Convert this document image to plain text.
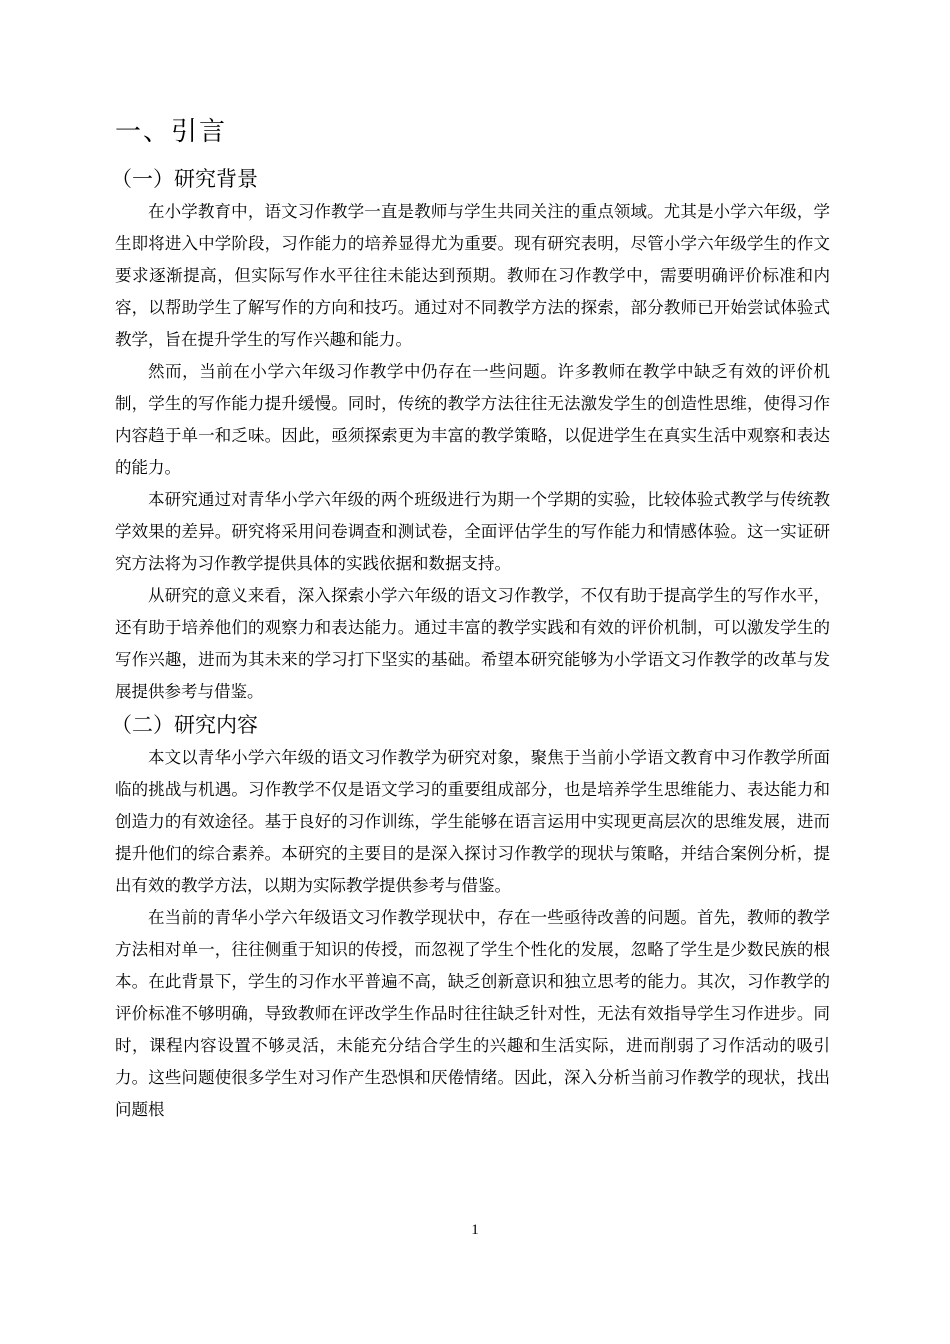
一、引言
（一）研究背景

在小学教育中，语文习作教学一直是教师与学生共同关注的重点领域。尤其是小学六年级，学生即将进入中学阶段，习作能力的培养显得尤为重要。现有研究表明，尽管小学六年级学生的作文要求逐渐提高，但实际写作水平往往未能达到预期。教师在习作教学中，需要明确评价标准和内容，以帮助学生了解写作的方向和技巧。通过对不同教学方法的探索，部分教师已开始尝试体验式教学，旨在提升学生的写作兴趣和能力。

然而，当前在小学六年级习作教学中仍存在一些问题。许多教师在教学中缺乏有效的评价机制，学生的写作能力提升缓慢。同时，传统的教学方法往往无法激发学生的创造性思维，使得习作内容趋于单一和乏味。因此，亟须探索更为丰富的教学策略，以促进学生在真实生活中观察和表达的能力。

本研究通过对青华小学六年级的两个班级进行为期一个学期的实验，比较体验式教学与传统教学效果的差异。研究将采用问卷调查和测试卷，全面评估学生的写作能力和情感体验。这一实证研究方法将为习作教学提供具体的实践依据和数据支持。

从研究的意义来看，深入探索小学六年级的语文习作教学，不仅有助于提高学生的写作水平，还有助于培养他们的观察力和表达能力。通过丰富的教学实践和有效的评价机制，可以激发学生的写作兴趣，进而为其未来的学习打下坚实的基础。希望本研究能够为小学语文习作教学的改革与发展提供参考与借鉴。

（二）研究内容

本文以青华小学六年级的语文习作教学为研究对象，聚焦于当前小学语文教育中习作教学所面临的挑战与机遇。习作教学不仅是语文学习的重要组成部分，也是培养学生思维能力、表达能力和创造力的有效途径。基于良好的习作训练，学生能够在语言运用中实现更高层次的思维发展，进而提升他们的综合素养。本研究的主要目的是深入探讨习作教学的现状与策略，并结合案例分析，提出有效的教学方法，以期为实际教学提供参考与借鉴。

在当前的青华小学六年级语文习作教学现状中，存在一些亟待改善的问题。首先，教师的教学方法相对单一，往往侧重于知识的传授，而忽视了学生个性化的发展，忽略了学生是少数民族的根本。在此背景下，学生的习作水平普遍不高，缺乏创新意识和独立思考的能力。其次，习作教学的评价标准不够明确，导致教师在评改学生作品时往往缺乏针对性，无法有效指导学生习作进步。同时，课程内容设置不够灵活，未能充分结合学生的兴趣和生活实际，进而削弱了习作活动的吸引力。这些问题使很多学生对习作产生恐惧和厌倦情绪。因此，深入分析当前习作教学的现状，找出问题根

1
